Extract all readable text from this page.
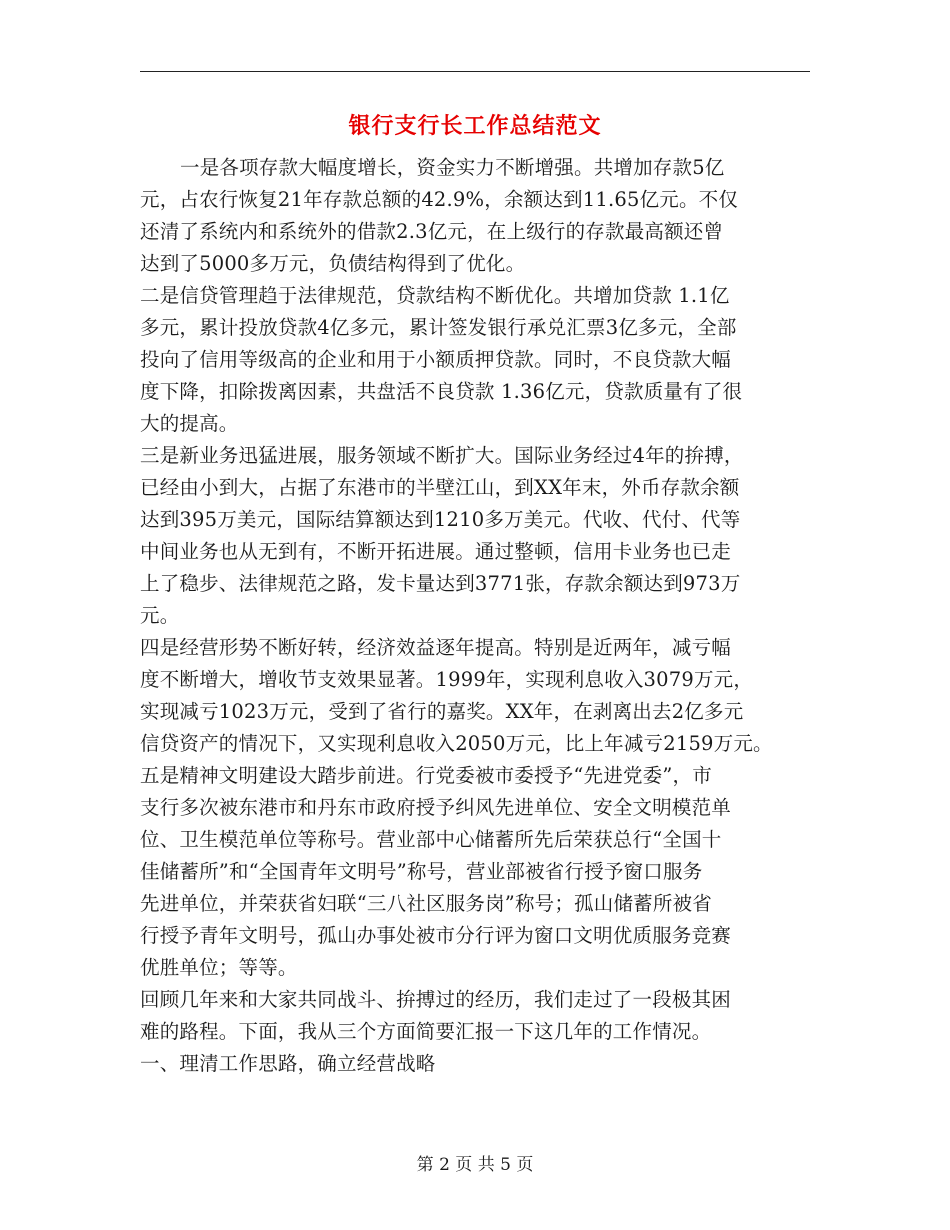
银行支行长工作总结范文
一是各项存款大幅度增长，资金实力不断增强。共增加存款5亿
元，占农行恢复21年存款总额的42.9%，余额达到11.65亿元。不仅
还清了系统内和系统外的借款2.3亿元，在上级行的存款最高额还曾
达到了5000多万元，负债结构得到了优化。
二是信贷管理趋于法律规范，贷款结构不断优化。共增加贷款 1.1亿
多元，累计投放贷款4亿多元，累计签发银行承兑汇票3亿多元，全部
投向了信用等级高的企业和用于小额质押贷款。同时，不良贷款大幅
度下降，扣除拨离因素，共盘活不良贷款 1.36亿元，贷款质量有了很
大的提高。
三是新业务迅猛进展，服务领域不断扩大。国际业务经过4年的拚搏，
已经由小到大，占据了东港市的半壁江山，到XX年末，外币存款余额
达到395万美元，国际结算额达到1210多万美元。代收、代付、代等
中间业务也从无到有，不断开拓进展。通过整顿，信用卡业务也已走
上了稳步、法律规范之路，发卡量达到3771张，存款余额达到973万
元。
四是经营形势不断好转，经济效益逐年提高。特别是近两年，减亏幅
度不断增大，增收节支效果显著。1999年，实现利息收入3079万元，
实现减亏1023万元，受到了省行的嘉奖。XX年，在剥离出去2亿多元
信贷资产的情况下，又实现利息收入2050万元，比上年减亏2159万元。
五是精神文明建设大踏步前进。行党委被市委授予“先进党委”，市
支行多次被东港市和丹东市政府授予纠风先进单位、安全文明模范单
位、卫生模范单位等称号。营业部中心储蓄所先后荣获总行“全国十
佳储蓄所”和“全国青年文明号”称号，营业部被省行授予窗口服务
先进单位，并荣获省妇联“三八社区服务岗”称号；孤山储蓄所被省
行授予青年文明号，孤山办事处被市分行评为窗口文明优质服务竞赛
优胜单位；等等。
回顾几年来和大家共同战斗、拚搏过的经历，我们走过了一段极其困
难的路程。下面，我从三个方面简要汇报一下这几年的工作情况。
一、理清工作思路，确立经营战略
第 2 页 共 5 页
